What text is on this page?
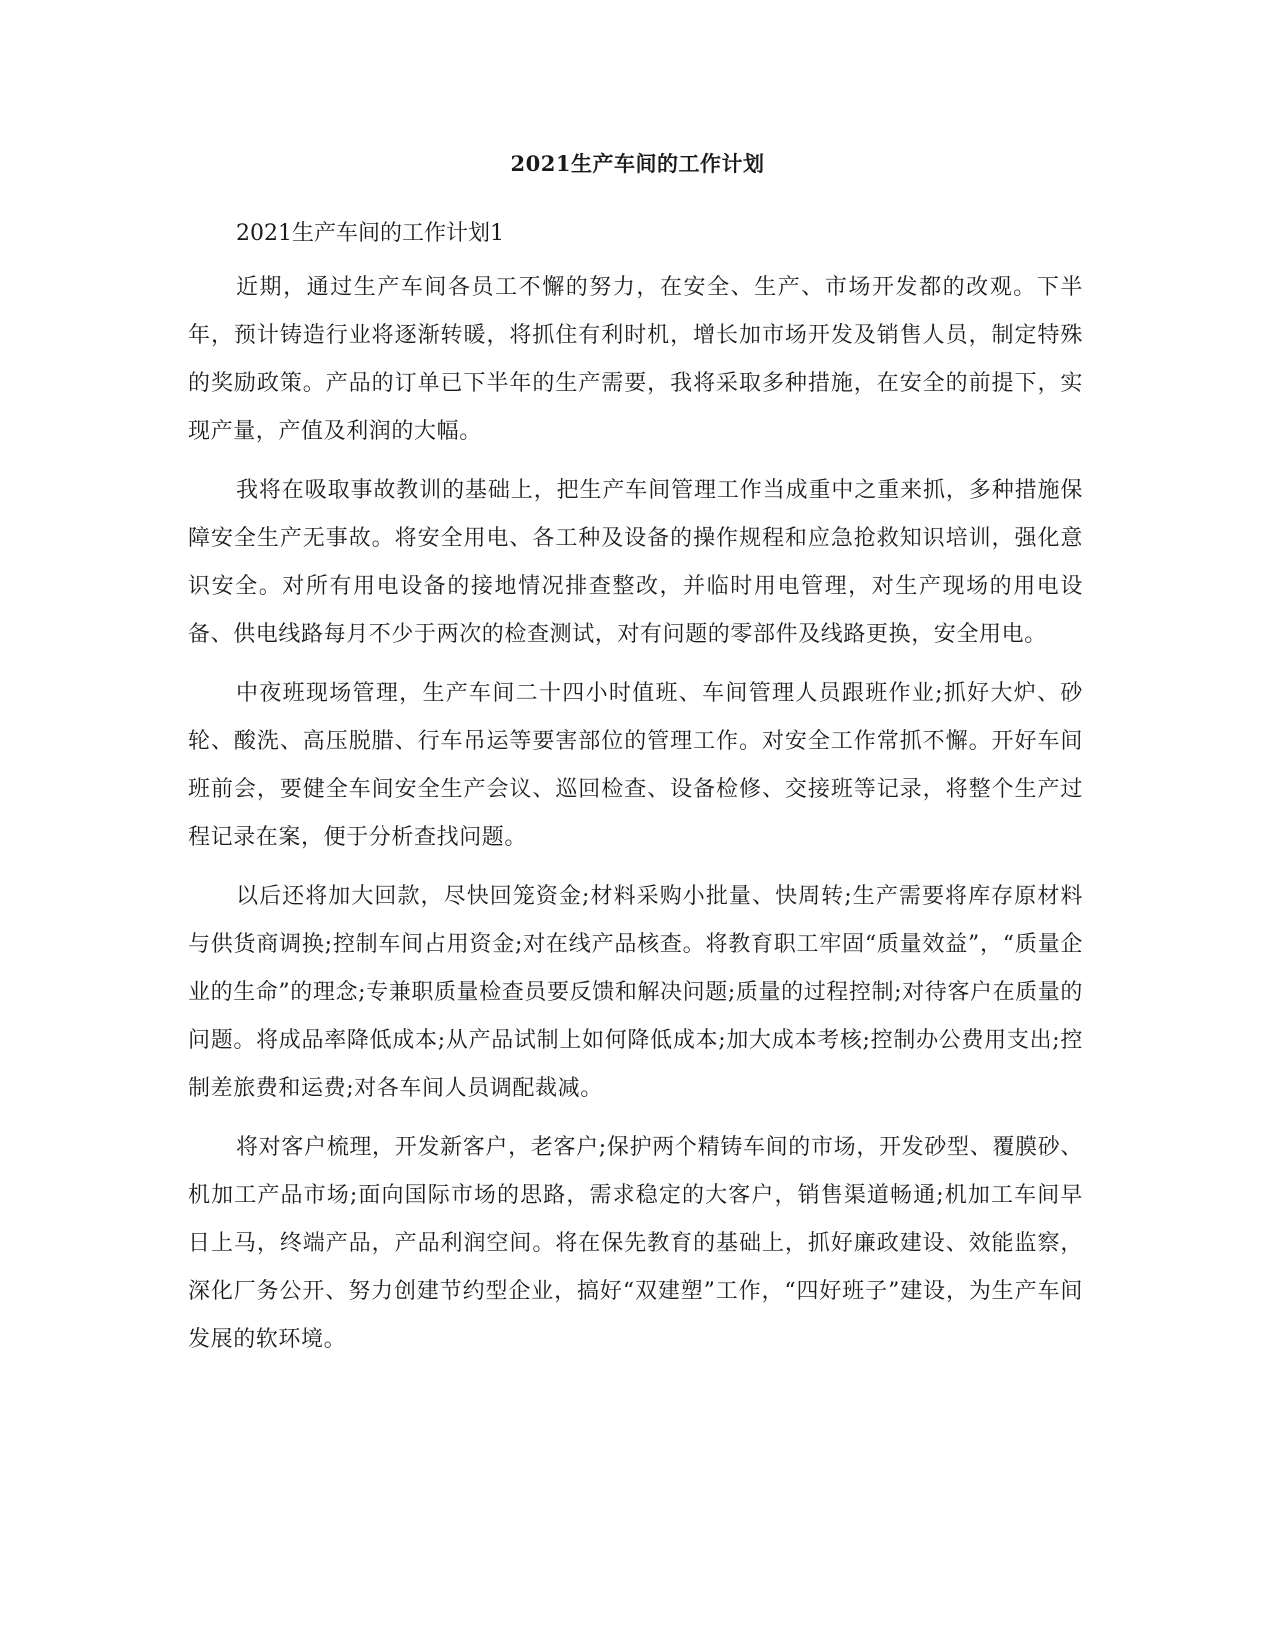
2021生产车间的工作计划

2021生产车间的工作计划1

近期，通过生产车间各员工不懈的努力，在安全、生产、市场开发都的改观。下半年，预计铸造行业将逐渐转暖，将抓住有利时机，增长加市场开发及销售人员，制定特殊的奖励政策。产品的订单已下半年的生产需要，我将采取多种措施，在安全的前提下，实现产量，产值及利润的大幅。

我将在吸取事故教训的基础上，把生产车间管理工作当成重中之重来抓，多种措施保障安全生产无事故。将安全用电、各工种及设备的操作规程和应急抢救知识培训，强化意识安全。对所有用电设备的接地情况排查整改，并临时用电管理，对生产现场的用电设备、供电线路每月不少于两次的检查测试，对有问题的零部件及线路更换，安全用电。

中夜班现场管理，生产车间二十四小时值班、车间管理人员跟班作业;抓好大炉、砂轮、酸洗、高压脱腊、行车吊运等要害部位的管理工作。对安全工作常抓不懈。开好车间班前会，要健全车间安全生产会议、巡回检查、设备检修、交接班等记录，将整个生产过程记录在案，便于分析查找问题。

以后还将加大回款，尽快回笼资金;材料采购小批量、快周转;生产需要将库存原材料与供货商调换;控制车间占用资金;对在线产品核查。将教育职工牢固“质量效益”，“质量企业的生命”的理念;专兼职质量检查员要反馈和解决问题;质量的过程控制;对待客户在质量的问题。将成品率降低成本;从产品试制上如何降低成本;加大成本考核;控制办公费用支出;控制差旅费和运费;对各车间人员调配裁减。

将对客户梳理，开发新客户，老客户;保护两个精铸车间的市场，开发砂型、覆膜砂、机加工产品市场;面向国际市场的思路，需求稳定的大客户，销售渠道畅通;机加工车间早日上马，终端产品，产品利润空间。将在保先教育的基础上，抓好廉政建设、效能监察，深化厂务公开、努力创建节约型企业，搞好“双建塑”工作，“四好班子”建设，为生产车间发展的软环境。
